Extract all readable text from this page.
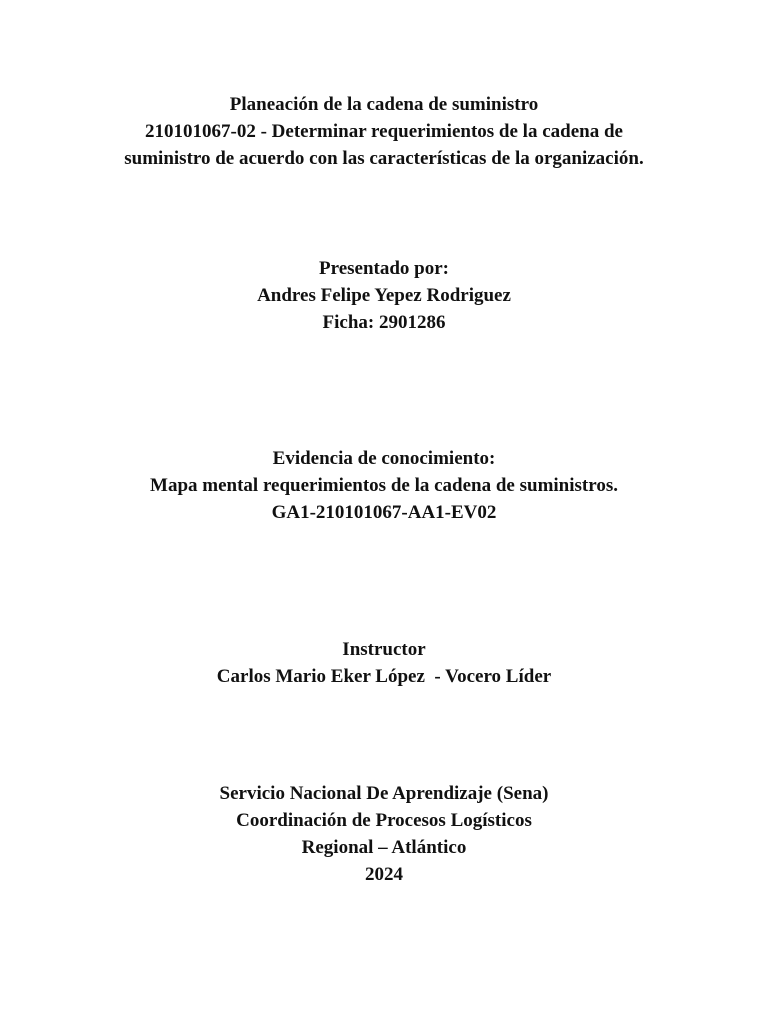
Planeación de la cadena de suministro
210101067-02 - Determinar requerimientos de la cadena de
suministro de acuerdo con las características de la organización.
Presentado por:
Andres Felipe Yepez Rodriguez
Ficha: 2901286
Evidencia de conocimiento:
Mapa mental requerimientos de la cadena de suministros.
GA1-210101067-AA1-EV02
Instructor
Carlos Mario Eker López  - Vocero Líder
Servicio Nacional De Aprendizaje (Sena)
Coordinación de Procesos Logísticos
Regional – Atlántico
2024
